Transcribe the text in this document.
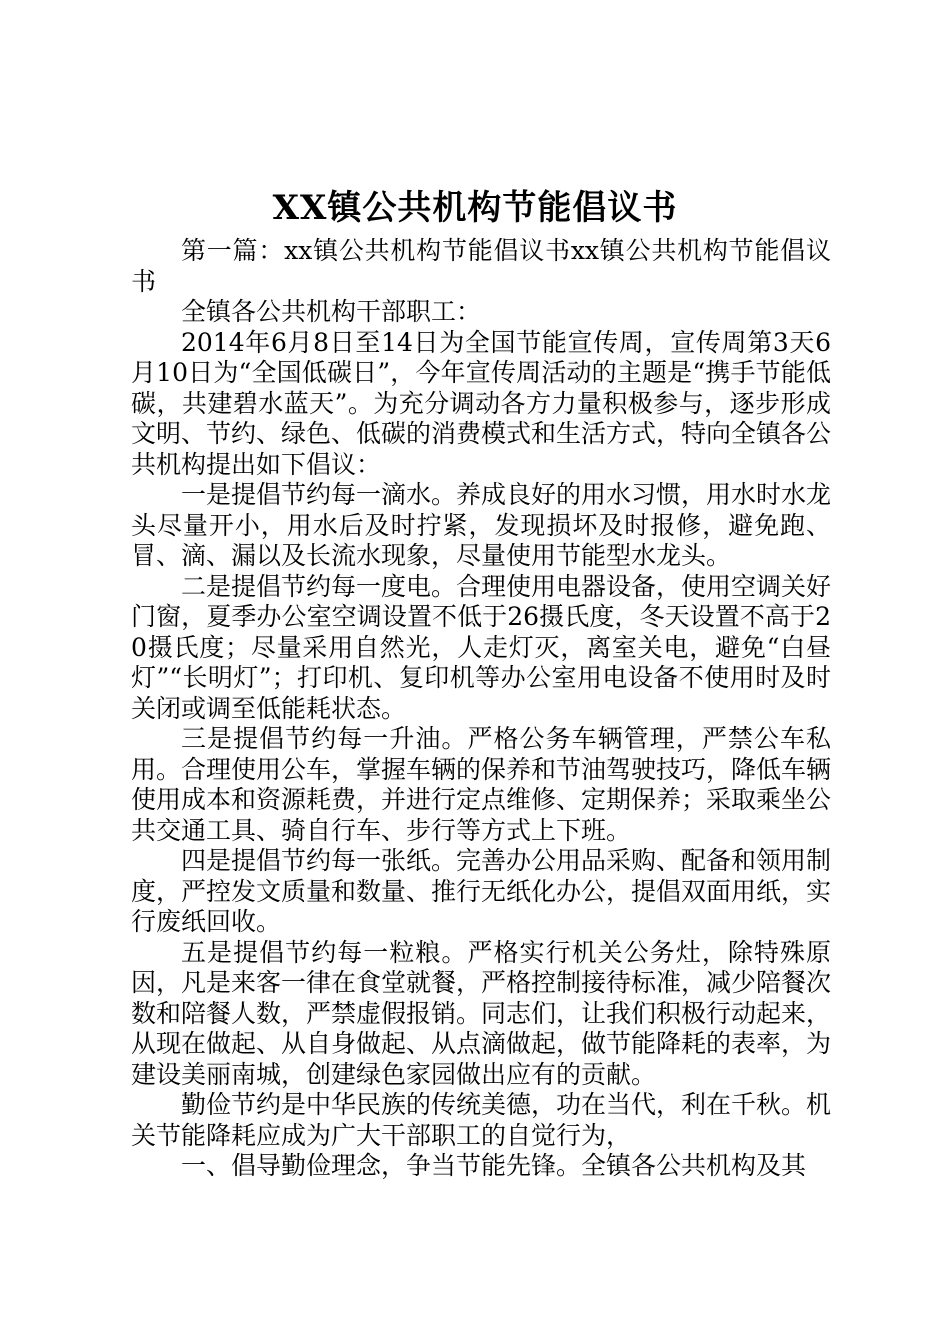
XX镇公共机构节能倡议书

第一篇：xx镇公共机构节能倡议书xx镇公共机构节能倡议书

全镇各公共机构干部职工：

2014年6月8日至14日为全国节能宣传周，宣传周第3天6月10日为“全国低碳日”，今年宣传周活动的主题是“携手节能低碳，共建碧水蓝天”。为充分调动各方力量积极参与，逐步形成文明、节约、绿色、低碳的消费模式和生活方式，特向全镇各公共机构提出如下倡议：

一是提倡节约每一滴水。养成良好的用水习惯，用水时水龙头尽量开小，用水后及时拧紧，发现损坏及时报修，避免跑、冒、滴、漏以及长流水现象，尽量使用节能型水龙头。

二是提倡节约每一度电。合理使用电器设备，使用空调关好门窗，夏季办公室空调设置不低于26摄氏度，冬天设置不高于20摄氏度；尽量采用自然光，人走灯灭，离室关电，避免“白昼灯”“长明灯”；打印机、复印机等办公室用电设备不使用时及时关闭或调至低能耗状态。

三是提倡节约每一升油。严格公务车辆管理，严禁公车私用。合理使用公车，掌握车辆的保养和节油驾驶技巧，降低车辆使用成本和资源耗费，并进行定点维修、定期保养；采取乘坐公共交通工具、骑自行车、步行等方式上下班。

四是提倡节约每一张纸。完善办公用品采购、配备和领用制度，严控发文质量和数量、推行无纸化办公，提倡双面用纸，实行废纸回收。

五是提倡节约每一粒粮。严格实行机关公务灶，除特殊原因，凡是来客一律在食堂就餐，严格控制接待标准，减少陪餐次数和陪餐人数，严禁虚假报销。同志们，让我们积极行动起来，从现在做起、从自身做起、从点滴做起，做节能降耗的表率，为建设美丽南城，创建绿色家园做出应有的贡献。

勤俭节约是中华民族的传统美德，功在当代，利在千秋。机关节能降耗应成为广大干部职工的自觉行为，

一、倡导勤俭理念，争当节能先锋。全镇各公共机构及其
